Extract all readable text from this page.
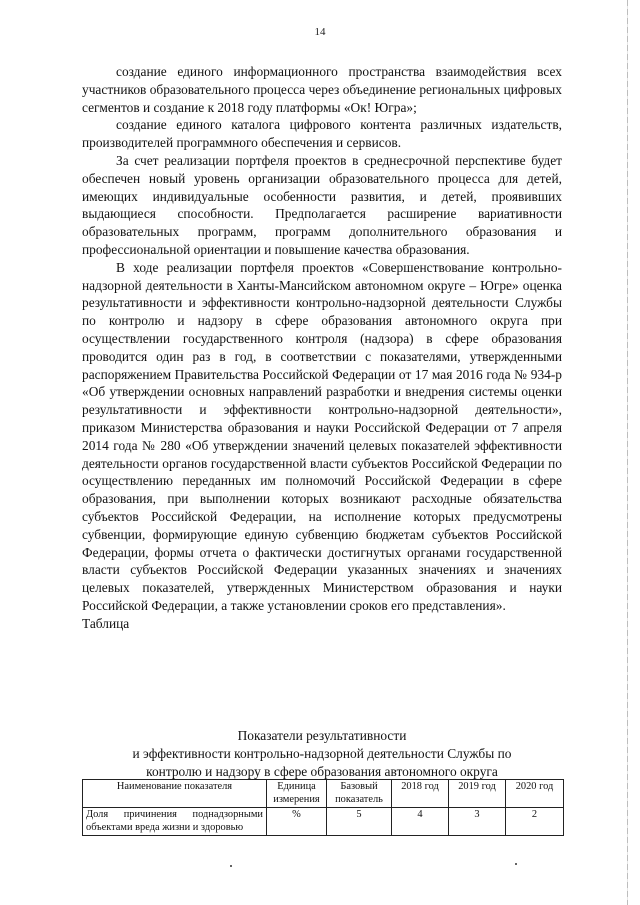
14

создание единого информационного пространства взаимодействия всех участников образовательного процесса через объединение региональных цифровых сегментов и создание к 2018 году платформы «Ок! Югра»;

создание единого каталога цифрового контента различных издательств, производителей программного обеспечения и сервисов.

За счет реализации портфеля проектов в среднесрочной перспективе будет обеспечен новый уровень организации образовательного процесса для детей, имеющих индивидуальные особенности развития, и детей, проявивших выдающиеся способности. Предполагается расширение вариативности образовательных программ, программ дополнительного образования и профессиональной ориентации и повышение качества образования.

В ходе реализации портфеля проектов «Совершенствование контрольно-надзорной деятельности в Ханты-Мансийском автономном округе – Югре» оценка результативности и эффективности контрольно-надзорной деятельности Службы по контролю и надзору в сфере образования автономного округа при осуществлении государственного контроля (надзора) в сфере образования проводится один раз в год, в соответствии с показателями, утвержденными распоряжением Правительства Российской Федерации от 17 мая 2016 года № 934-р «Об утверждении основных направлений разработки и внедрения системы оценки результативности и эффективности контрольно-надзорной деятельности», приказом Министерства образования и науки Российской Федерации от 7 апреля 2014 года № 280 «Об утверждении значений целевых показателей эффективности деятельности органов государственной власти субъектов Российской Федерации по осуществлению переданных им полномочий Российской Федерации в сфере образования, при выполнении которых возникают расходные обязательства субъектов Российской Федерации, на исполнение которых предусмотрены субвенции, формирующие единую субвенцию бюджетам субъектов Российской Федерации, формы отчета о фактически достигнутых органами государственной власти субъектов Российской Федерации указанных значениях и значениях целевых показателей, утвержденных Министерством образования и науки Российской Федерации, а также установлении сроков его представления».

Таблица

Показатели результативности
и эффективности контрольно-надзорной деятельности Службы по
контролю и надзору в сфере образования автономного округа
Наименование показателя	Единица измерения	Базовый показатель	2018 год	2019 год	2020 год
Доля причинения поднадзорными объектами вреда жизни и здоровью	%	5	4	3	2
